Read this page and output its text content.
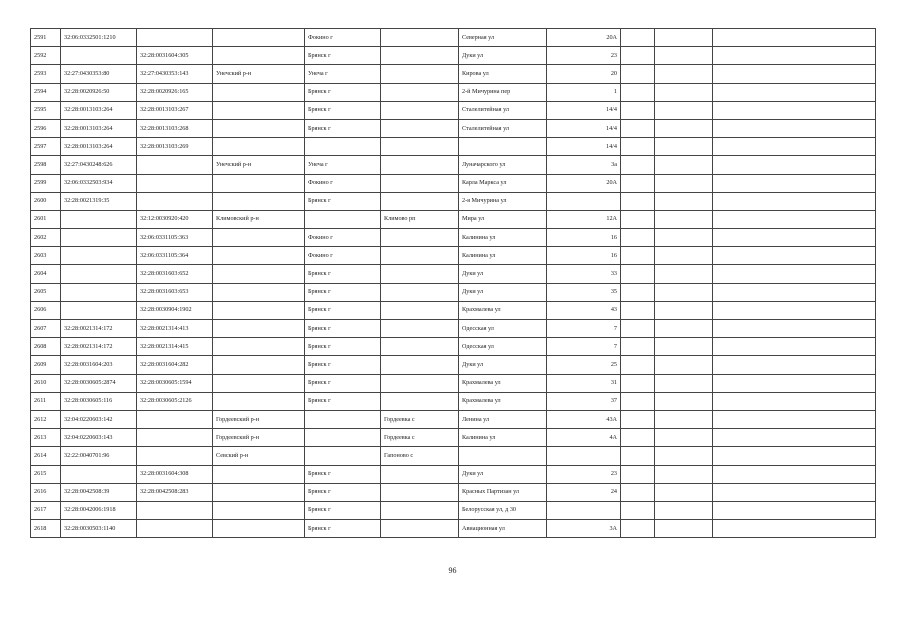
2591	32:06:0332501:1210			Фокино г		Северная ул	20А			
2592		32:28:0031604:305		Брянск г		Дуки ул	23			
2593	32:27:0430353:80	32:27:0430353:143	Унечский р-н	Унеча г		Кирова ул	20			
2594	32:28:0020926:50	32:28:0020926:165		Брянск г		2-й Мичурина пер	1			
2595	32:28:0013103:264	32:28:0013103:267		Брянск г		Сталелитейная ул	14/4			
2596	32:28:0013103:264	32:28:0013103:268		Брянск г		Сталелитейная ул	14/4			
2597	32:28:0013103:264	32:28:0013103:269					14/4			
2598	32:27:0430248:626		Унечский р-н	Унеча г		Луначарского ул	3а			
2599	32:06:0332503:934			Фокино г		Карла Маркса ул	20А			
2600	32:28:0021319:35			Брянск г		2-я Мичурина ул				
2601		32:12:0030920:420	Климовский р-н		Климово рп	Мира ул	12А			
2602		32:06:0331105:363		Фокино г		Калинина ул	16			
2603		32:06:0331105:364		Фокино г		Калинина ул	16			
2604		32:28:0031603:652		Брянск г		Дуки ул	33			
2605		32:28:0031603:653		Брянск г		Дуки ул	35			
2606		32:28:0030904:1902		Брянск г		Крахмалева ул	43			
2607	32:28:0021314:172	32:28:0021314:413		Брянск г		Одесская ул	7			
2608	32:28:0021314:172	32:28:0021314:415		Брянск г		Одесская ул	7			
2609	32:28:0031604:203	32:28:0031604:282		Брянск г		Дуки ул	25			
2610	32:28:0030605:2874	32:28:0030605:1594		Брянск г		Крахмалева ул	31			
2611	32:28:0030605:116	32:28:0030605:2126		Брянск г		Крахмалева ул	37			
2612	32:04:0220603:142		Гордеевский р-н		Гордеевка с	Ленина ул	43А			
2613	32:04:0220603:143		Гордеевский р-н		Гордеевка с	Калинина ул	4А			
2614	32:22:0040701:96		Севский р-н		Гапоново с					
2615		32:28:0031604:308		Брянск г		Дуки ул	23			
2616	32:28:0042508:39	32:28:0042508:283		Брянск г		Красных Партизан ул	24			
2617	32:28:0042006:1918			Брянск г		Белорусская ул, д 30				
2618	32:28:0030503:1140			Брянск г		Авиационная ул	3А			
96
